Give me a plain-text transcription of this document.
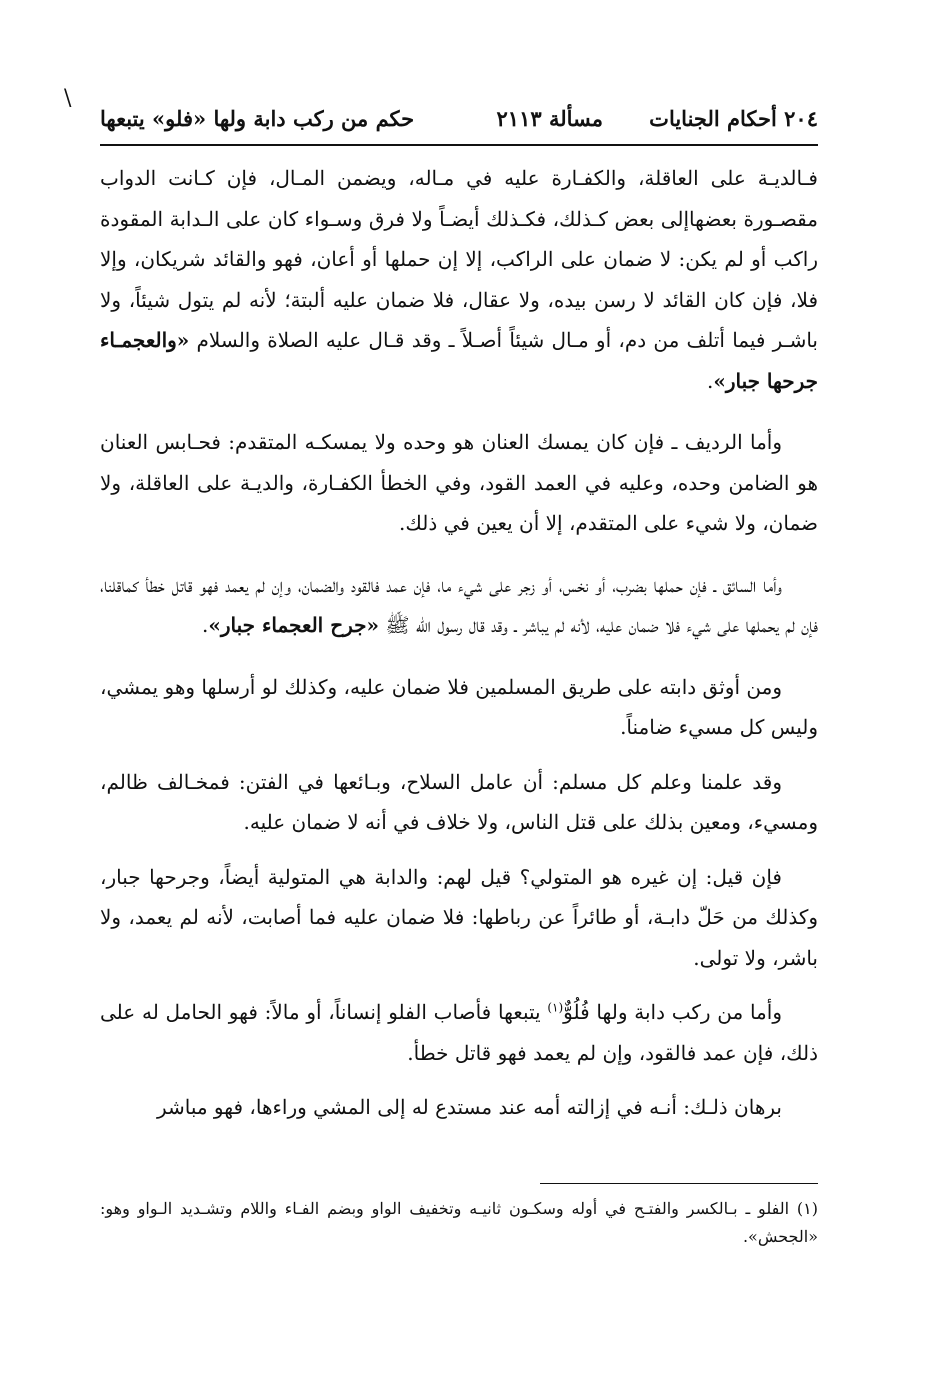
\
٢٠٤ أحكام الجنايات
مسألة ٢١١٣
حكم من ركب دابة ولها «فلو» يتبعها

فـالديـة على العاقلة، والكفـارة عليه في مـاله، ويضمن المـال، فإن كـانت الدواب مقصـورة بعضهاإلى بعض كـذلك، فكـذلك أيضـاً ولا فرق وسـواء كان على الـدابة المقودة راكب أو لم يكن: لا ضمان على الراكب، إلا إن حملها أو أعان، فهو والقائد شريكان، وإلا فلا، فإن كان القائد لا رسن بيده، ولا عقال، فلا ضمان عليه ألبتة؛ لأنه لم يتول شيئاً، ولا باشـر فيما أتلف من دم، أو مـال شيئاً أصـلاً ـ وقد قـال عليه الصلاة والسلام «والعجمـاء جرحها جبار».

وأما الرديف ـ فإن كان يمسك العنان هو وحده ولا يمسكـه المتقدم: فحـابس العنان هو الضامن وحده، وعليه في العمد القود، وفي الخطأ الكفـارة، والديـة على العاقلة، ولا ضمان، ولا شيء على المتقدم، إلا أن يعين في ذلك.

وأما السائق ـ فإن حملها بضرب، أو نخس، أو زجر على شيء ما، فإن عمد فالقود والضمان، وإن لم يعمد فهو قاتل خطأ كماقلنا، فإن لم يحملها على شيء فلا ضمان عليه، لأنه لم يباشر ـ وقد قال رسول الله ﷺ «جرح العجماء جبار».

ومن أوثق دابته على طريق المسلمين فلا ضمان عليه، وكذلك لو أرسلها وهو يمشي، وليس كل مسيء ضامناً.

وقد علمنا وعلم كل مسلم: أن عامل السلاح، وبـائعها في الفتن: فمخـالف ظالم، ومسيء، ومعين بذلك على قتل الناس، ولا خلاف في أنه لا ضمان عليه.

فإن قيل: إن غيره هو المتولي؟ قيل لهم: والدابة هي المتولية أيضاً، وجرحها جبار، وكذلك من حَلّ دابـة، أو طائراً عن رباطها: فلا ضمان عليه فما أصابت، لأنه لم يعمد، ولا باشر، ولا تولى.

وأما من ركب دابة ولها فُلُوٌّ$^{(١)}$ يتبعها فأصاب الفلو إنساناً، أو مالاً: فهو الحامل له على ذلك، فإن عمد فالقود، وإن لم يعمد فهو قاتل خطأ.

برهان ذلـك: أنـه في إزالته أمه عند مستدع له إلى المشي وراءها، فهو مباشر

(١) الفلو ـ بـالكسر والفتـح في أوله وسكـون ثانيـه وتخفيف الواو وبضم الفـاء واللام وتشـديد الـواو وهو: «الجحش».
